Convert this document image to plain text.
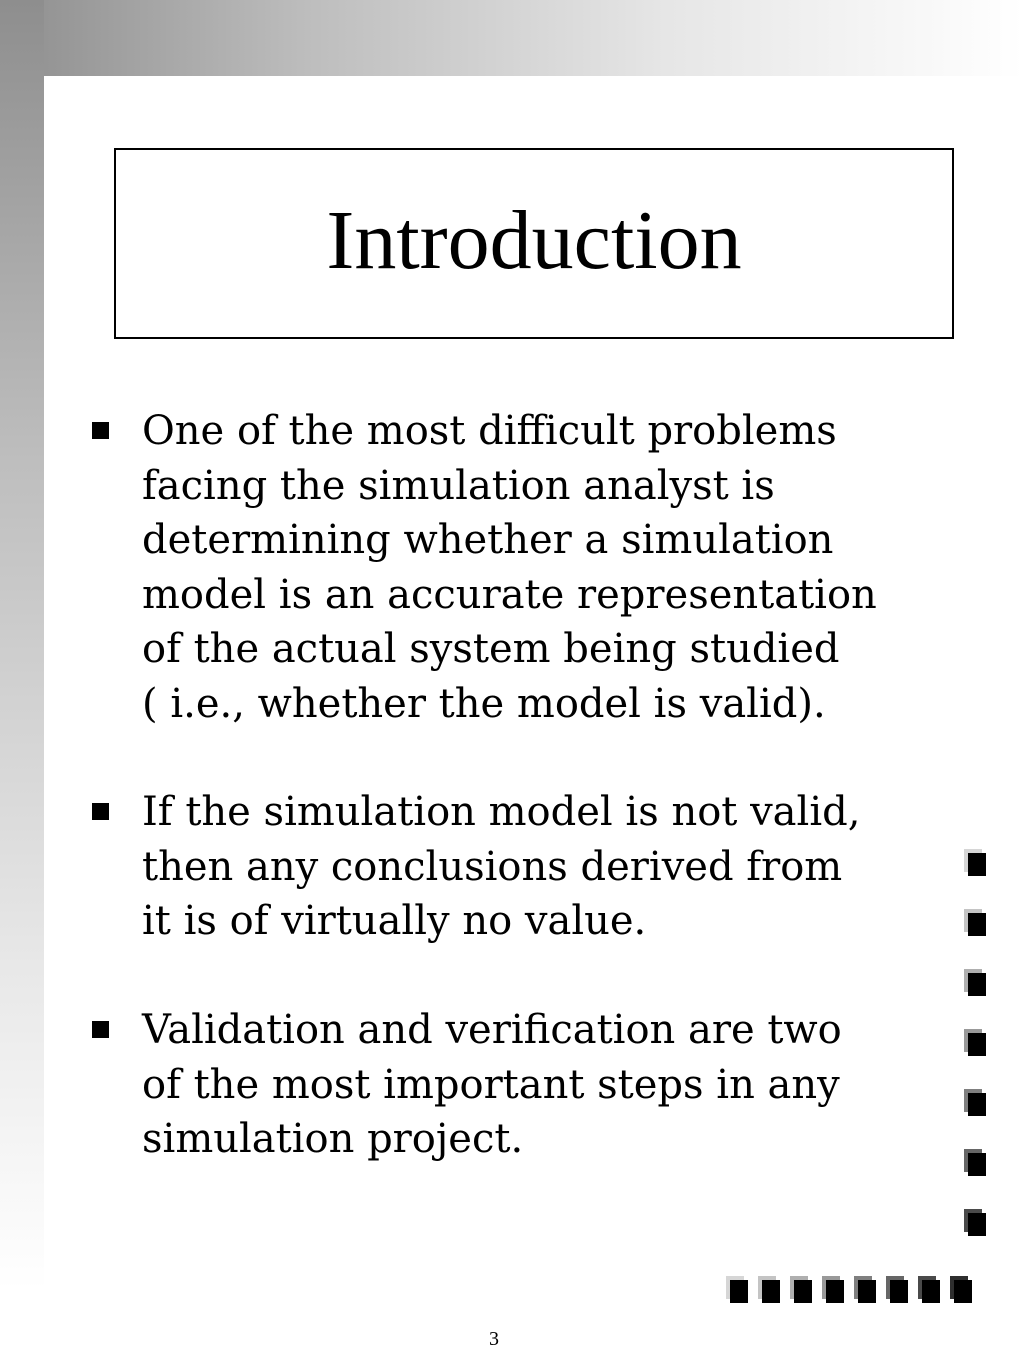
Introduction
One of the most difficult problems
facing the simulation analyst is
determining whether a simulation
model is an accurate representation
of the actual system being studied
( i.e., whether the model is valid).
If the simulation model is not valid,
then any conclusions derived from
it is of virtually no value.
Validation and verification are two
of the most important steps in any
simulation project.
3
